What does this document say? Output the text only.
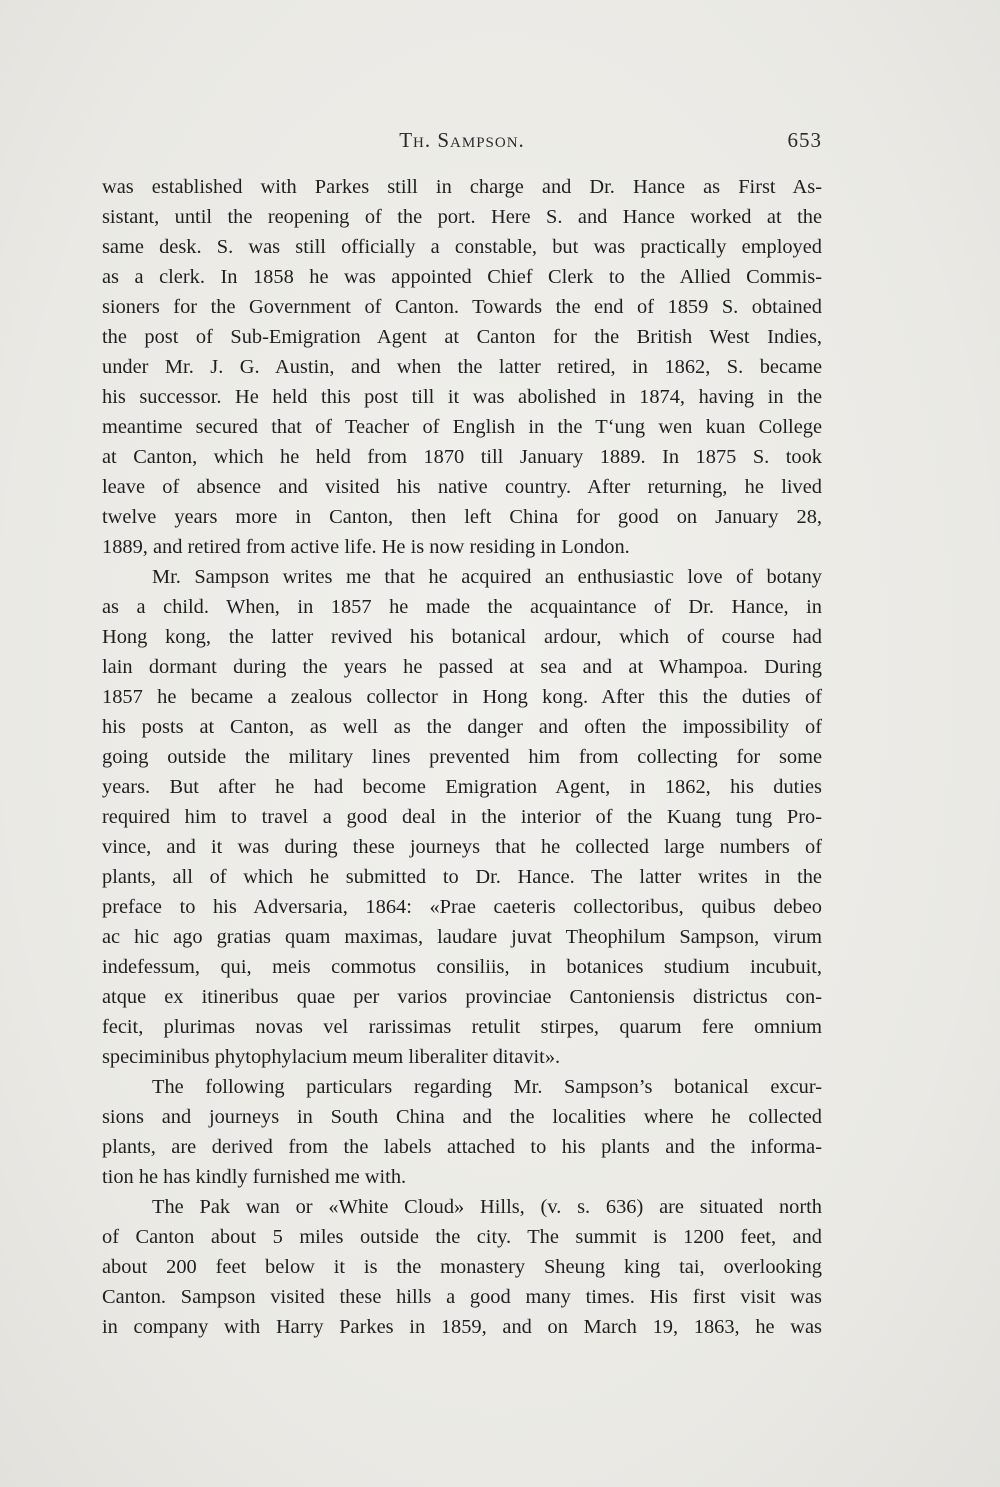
Th. Sampson.	653
was established with Parkes still in charge and Dr. Hance as First As-
sistant, until the reopening of the port. Here S. and Hance worked at the
same desk. S. was still officially a constable, but was practically employed
as a clerk. In 1858 he was appointed Chief Clerk to the Allied Commis-
sioners for the Government of Canton. Towards the end of 1859 S. obtained
the post of Sub-Emigration Agent at Canton for the British West Indies,
under Mr. J. G. Austin, and when the latter retired, in 1862, S. became
his successor. He held this post till it was abolished in 1874, having in the
meantime secured that of Teacher of English in the T‘ung wen kuan College
at Canton, which he held from 1870 till January 1889. In 1875 S. took
leave of absence and visited his native country. After returning, he lived
twelve years more in Canton, then left China for good on January 28,
1889, and retired from active life. He is now residing in London.
Mr. Sampson writes me that he acquired an enthusiastic love of botany
as a child. When, in 1857 he made the acquaintance of Dr. Hance, in
Hong kong, the latter revived his botanical ardour, which of course had
lain dormant during the years he passed at sea and at Whampoa. During
1857 he became a zealous collector in Hong kong. After this the duties of
his posts at Canton, as well as the danger and often the impossibility of
going outside the military lines prevented him from collecting for some
years. But after he had become Emigration Agent, in 1862, his duties
required him to travel a good deal in the interior of the Kuang tung Pro-
vince, and it was during these journeys that he collected large numbers of
plants, all of which he submitted to Dr. Hance. The latter writes in the
preface to his Adversaria, 1864: «Prae caeteris collectoribus, quibus debeo
ac hic ago gratias quam maximas, laudare juvat Theophilum Sampson, virum
indefessum, qui, meis commotus consiliis, in botanices studium incubuit,
atque ex itineribus quae per varios provinciae Cantoniensis districtus con-
fecit, plurimas novas vel rarissimas retulit stirpes, quarum fere omnium
speciminibus phytophylacium meum liberaliter ditavit».
The following particulars regarding Mr. Sampson’s botanical excur-
sions and journeys in South China and the localities where he collected
plants, are derived from the labels attached to his plants and the informa-
tion he has kindly furnished me with.
The Pak wan or «White Cloud» Hills, (v. s. 636) are situated north
of Canton about 5 miles outside the city. The summit is 1200 feet, and
about 200 feet below it is the monastery Sheung king tai, overlooking
Canton. Sampson visited these hills a good many times. His first visit was
in company with Harry Parkes in 1859, and on March 19, 1863, he was
